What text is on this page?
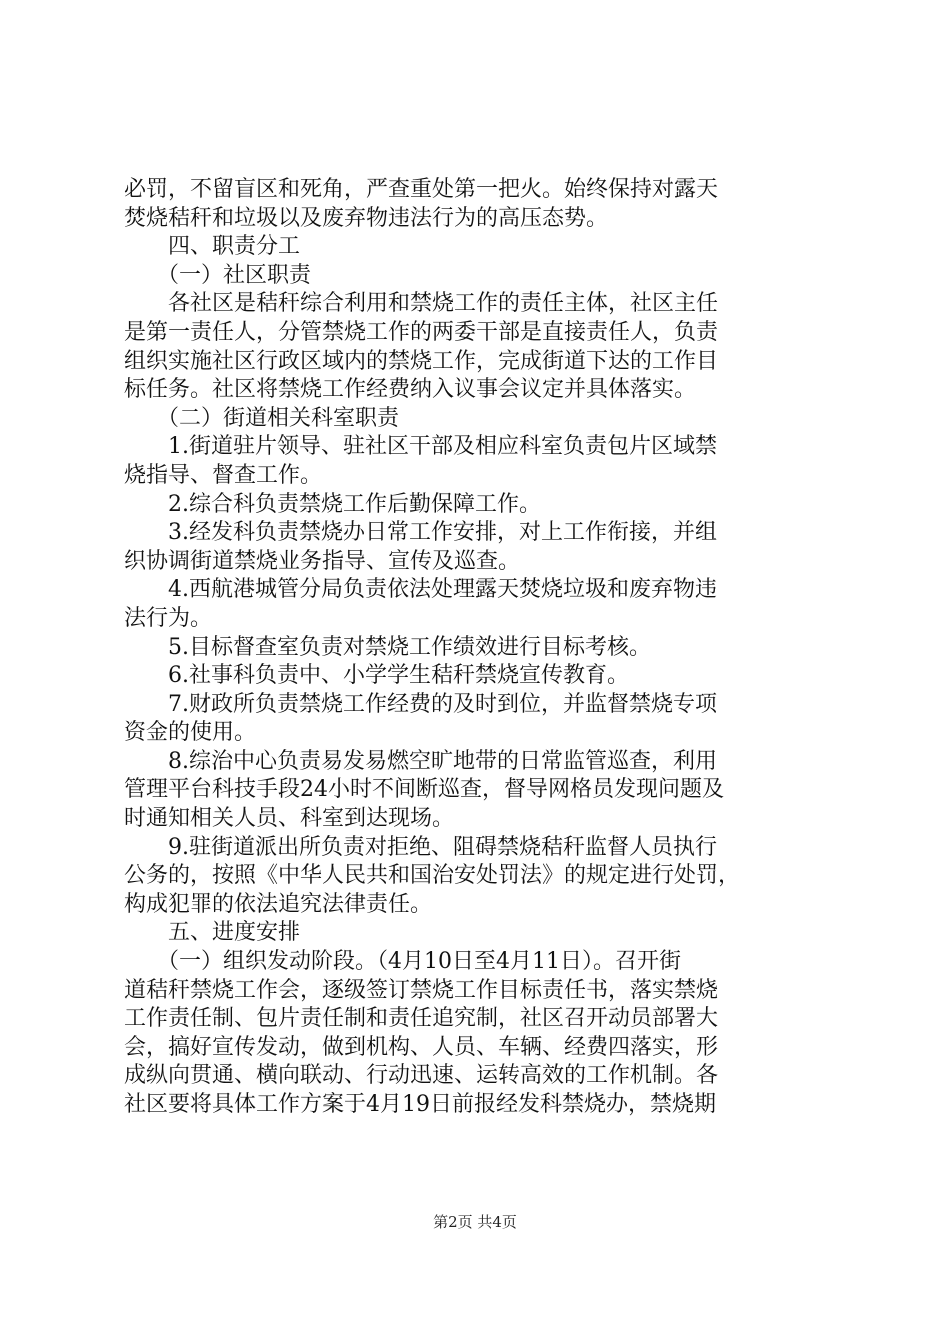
必罚，不留盲区和死角，严查重处第一把火。始终保持对露天
焚烧秸秆和垃圾以及废弃物违法行为的高压态势。
　　四、职责分工
　　（一）社区职责
　　各社区是秸秆综合利用和禁烧工作的责任主体，社区主任
是第一责任人，分管禁烧工作的两委干部是直接责任人，负责
组织实施社区行政区域内的禁烧工作，完成街道下达的工作目
标任务。社区将禁烧工作经费纳入议事会议定并具体落实。
　　（二）街道相关科室职责
　　1.街道驻片领导、驻社区干部及相应科室负责包片区域禁
烧指导、督查工作。
　　2.综合科负责禁烧工作后勤保障工作。
　　3.经发科负责禁烧办日常工作安排，对上工作衔接，并组
织协调街道禁烧业务指导、宣传及巡查。
　　4.西航港城管分局负责依法处理露天焚烧垃圾和废弃物违
法行为。
　　5.目标督查室负责对禁烧工作绩效进行目标考核。
　　6.社事科负责中、小学学生秸秆禁烧宣传教育。
　　7.财政所负责禁烧工作经费的及时到位，并监督禁烧专项
资金的使用。
　　8.综治中心负责易发易燃空旷地带的日常监管巡查，利用
管理平台科技手段24小时不间断巡查，督导网格员发现问题及
时通知相关人员、科室到达现场。
　　9.驻街道派出所负责对拒绝、阻碍禁烧秸秆监督人员执行
公务的，按照《中华人民共和国治安处罚法》的规定进行处罚，
构成犯罪的依法追究法律责任。
　　五、进度安排
　　（一）组织发动阶段。（4月10日至4月11日）。召开街
道秸秆禁烧工作会，逐级签订禁烧工作目标责任书，落实禁烧
工作责任制、包片责任制和责任追究制，社区召开动员部署大
会，搞好宣传发动，做到机构、人员、车辆、经费四落实，形
成纵向贯通、横向联动、行动迅速、运转高效的工作机制。各
社区要将具体工作方案于4月19日前报经发科禁烧办，禁烧期
第2页 共4页
